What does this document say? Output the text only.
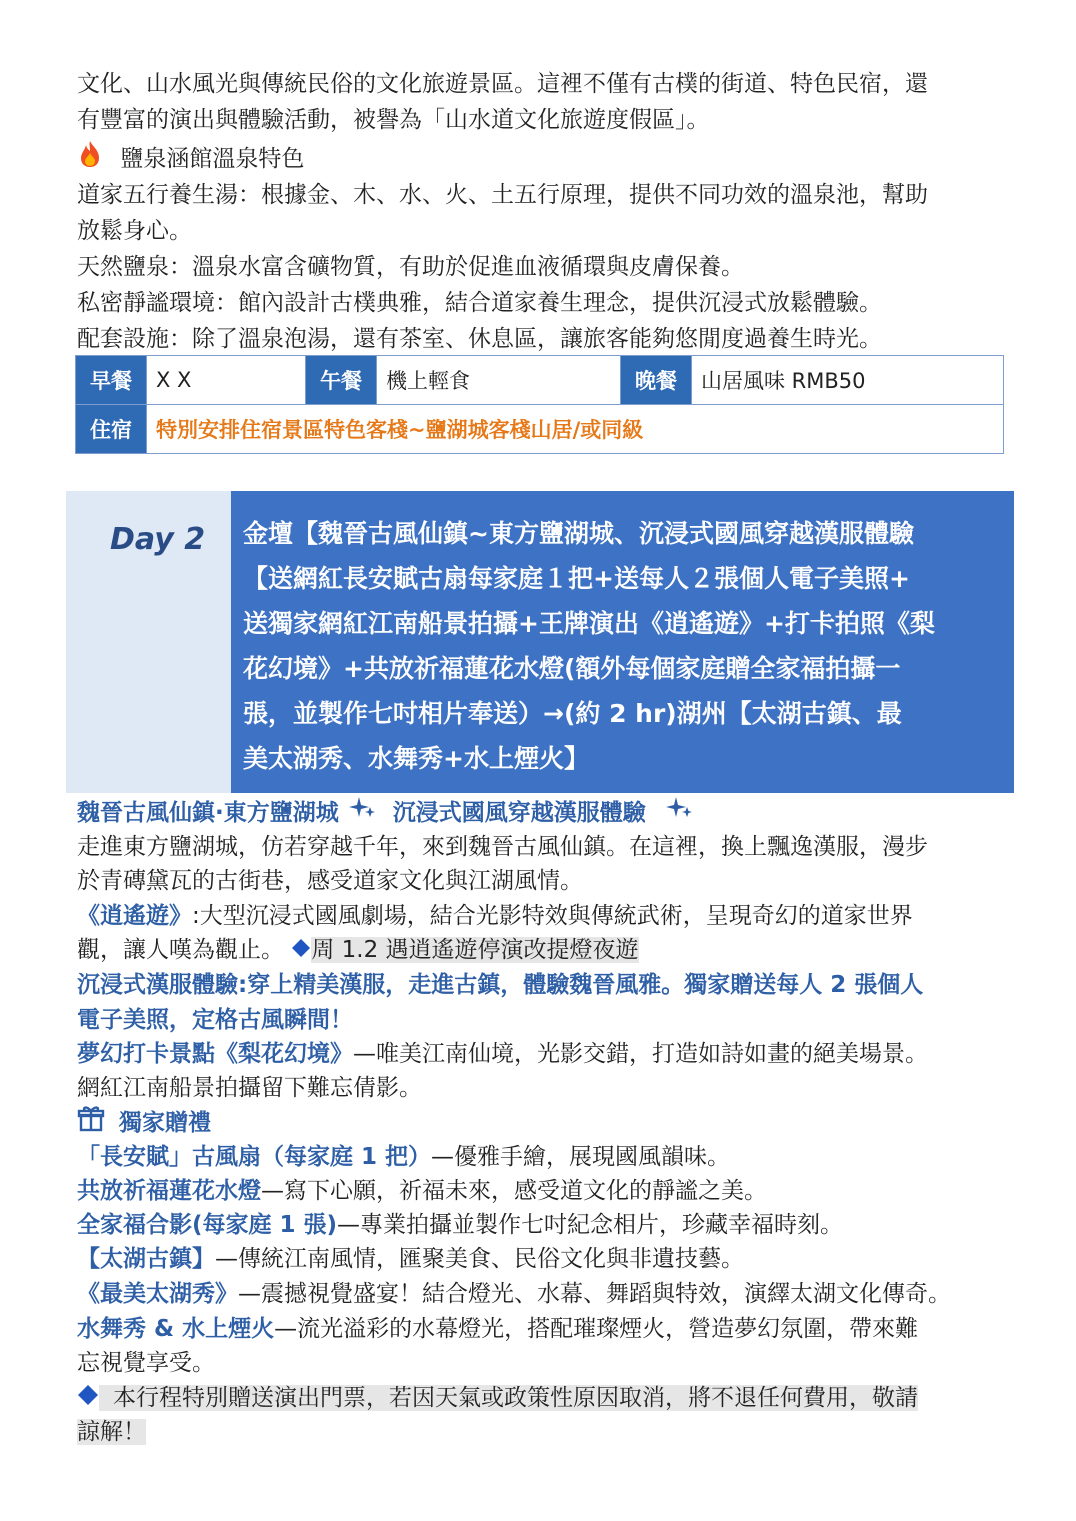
文化、山水風光與傳統民俗的文化旅遊景區。這裡不僅有古樸的街道、特色民宿，還
有豐富的演出與體驗活動，被譽為「山水道文化旅遊度假區」。
鹽泉涵館溫泉特色
道家五行養生湯：根據金、木、水、火、土五行原理，提供不同功效的溫泉池，幫助
放鬆身心。
天然鹽泉：溫泉水富含礦物質，有助於促進血液循環與皮膚保養。
私密靜謐環境：館內設計古樸典雅，結合道家養生理念，提供沉浸式放鬆體驗。
配套設施：除了溫泉泡湯，還有茶室、休息區，讓旅客能夠悠閒度過養生時光。
早餐	X X	午餐	機上輕食	晚餐	山居風味 RMB50
住宿	特別安排住宿景區特色客棧~鹽湖城客棧山居/或同級				
Day 2 金壇【魏晉古風仙鎮~東方鹽湖城、沉浸式國風穿越漢服體驗
【送網紅長安賦古扇每家庭１把+送每人２張個人電子美照+
送獨家網紅江南船景拍攝+王牌演出《逍遙遊》+打卡拍照《梨
花幻境》+共放祈福蓮花水燈(額外每個家庭贈全家福拍攝一
張，並製作七吋相片奉送）→(約 2 hr)湖州【太湖古鎮、最
美太湖秀、水舞秀+水上煙火】
魏晉古風仙鎮·東方鹽湖城 沉浸式國風穿越漢服體驗
走進東方鹽湖城，仿若穿越千年，來到魏晉古風仙鎮。在這裡，換上飄逸漢服，漫步
於青磚黛瓦的古街巷，感受道家文化與江湖風情。
《逍遙遊》:大型沉浸式國風劇場，結合光影特效與傳統武術，呈現奇幻的道家世界
觀，讓人嘆為觀止。 周 1.2 遇逍遙遊停演改提燈夜遊
沉浸式漢服體驗:穿上精美漢服，走進古鎮，體驗魏晉風雅。獨家贈送每人 2 張個人
電子美照，定格古風瞬間！
夢幻打卡景點《梨花幻境》—唯美江南仙境，光影交錯，打造如詩如畫的絕美場景。
網紅江南船景拍攝留下難忘倩影。
獨家贈禮
「長安賦」古風扇（每家庭 1 把）—優雅手繪，展現國風韻味。
共放祈福蓮花水燈—寫下心願，祈福未來，感受道文化的靜謐之美。
全家福合影(每家庭 1 張)—專業拍攝並製作七吋紀念相片，珍藏幸福時刻。
【太湖古鎮】—傳統江南風情，匯聚美食、民俗文化與非遺技藝。
《最美太湖秀》—震撼視覺盛宴！結合燈光、水幕、舞蹈與特效，演繹太湖文化傳奇。
水舞秀 & 水上煙火—流光溢彩的水幕燈光，搭配璀璨煙火，營造夢幻氛圍，帶來難
忘視覺享受。
本行程特別贈送演出門票，若因天氣或政策性原因取消，將不退任何費用，敬請
諒解！
